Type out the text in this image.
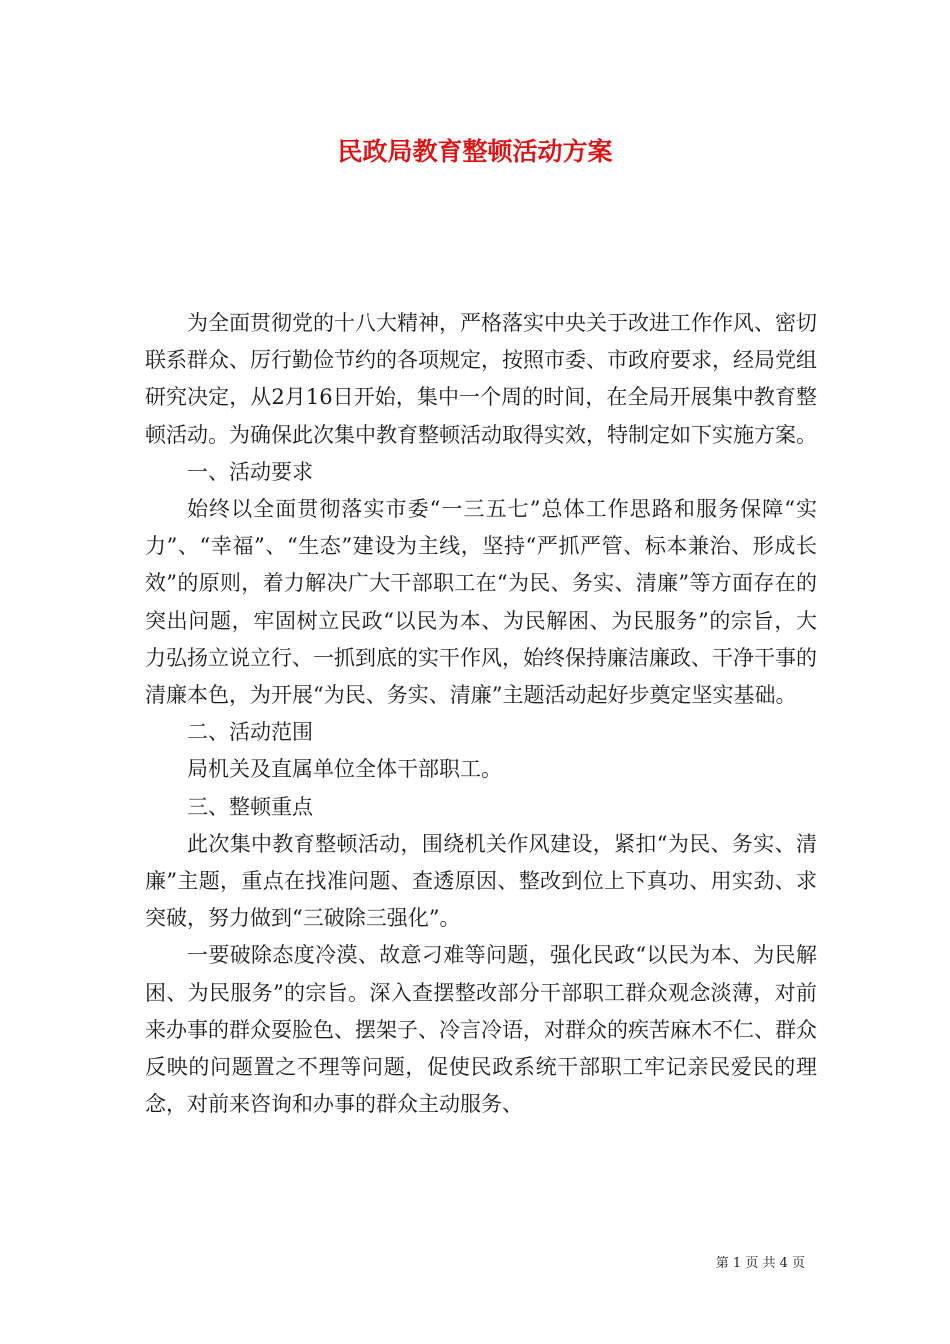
民政局教育整顿活动方案

为全面贯彻党的十八大精神，严格落实中央关于改进工作作风、密切联系群众、厉行勤俭节约的各项规定，按照市委、市政府要求，经局党组研究决定，从2月16日开始，集中一个周的时间，在全局开展集中教育整顿活动。为确保此次集中教育整顿活动取得实效，特制定如下实施方案。

一、活动要求

始终以全面贯彻落实市委“一三五七”总体工作思路和服务保障“实力”、“幸福”、“生态”建设为主线，坚持“严抓严管、标本兼治、形成长效”的原则，着力解决广大干部职工在“为民、务实、清廉”等方面存在的突出问题，牢固树立民政“以民为本、为民解困、为民服务”的宗旨，大力弘扬立说立行、一抓到底的实干作风，始终保持廉洁廉政、干净干事的清廉本色，为开展“为民、务实、清廉”主题活动起好步奠定坚实基础。

二、活动范围

局机关及直属单位全体干部职工。

三、整顿重点

此次集中教育整顿活动，围绕机关作风建设，紧扣“为民、务实、清廉”主题，重点在找准问题、查透原因、整改到位上下真功、用实劲、求突破，努力做到“三破除三强化”。

一要破除态度冷漠、故意刁难等问题，强化民政“以民为本、为民解困、为民服务”的宗旨。深入查摆整改部分干部职工群众观念淡薄，对前来办事的群众耍脸色、摆架子、冷言冷语，对群众的疾苦麻木不仁、群众反映的问题置之不理等问题，促使民政系统干部职工牢记亲民爱民的理念，对前来咨询和办事的群众主动服务、

第 1 页 共 4 页
